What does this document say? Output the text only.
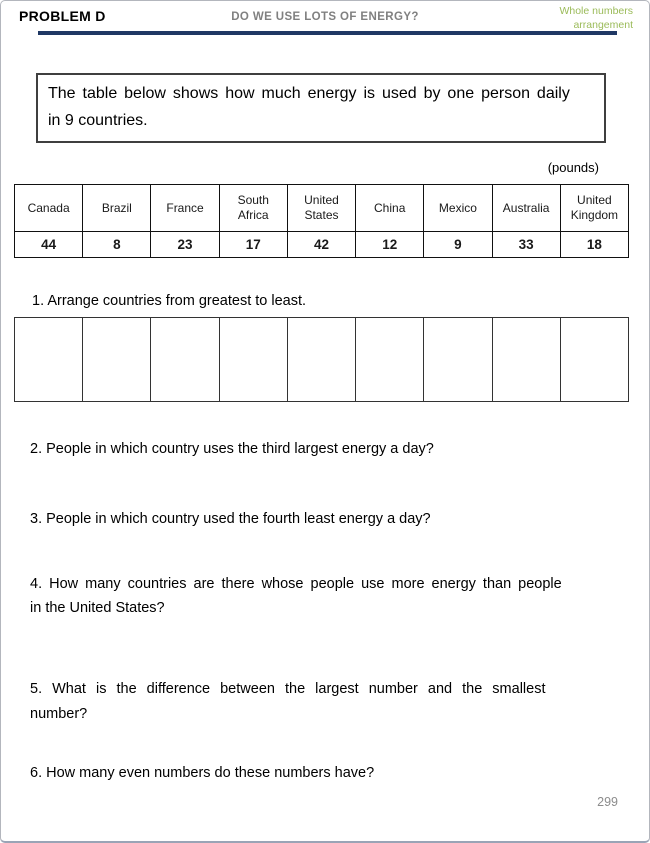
PROBLEM D	DO WE USE LOTS OF ENERGY?	Whole numbers
arrangement
The table below shows how much energy is used by one person daily
in 9 countries.
(pounds)
Canada	Brazil	France	South Africa	United States	China	Mexico	Australia	United Kingdom
44	8	23	17	42	12	9	33	18
1. Arrange countries from greatest to least.

2. People in which country uses the third largest energy a day?
3. People in which country used the fourth least energy a day?
4. How many countries are there whose people use more energy than people
in the United States?
5. What is the difference between the largest number and the smallest
number?
6. How many even numbers do these numbers have?
299
